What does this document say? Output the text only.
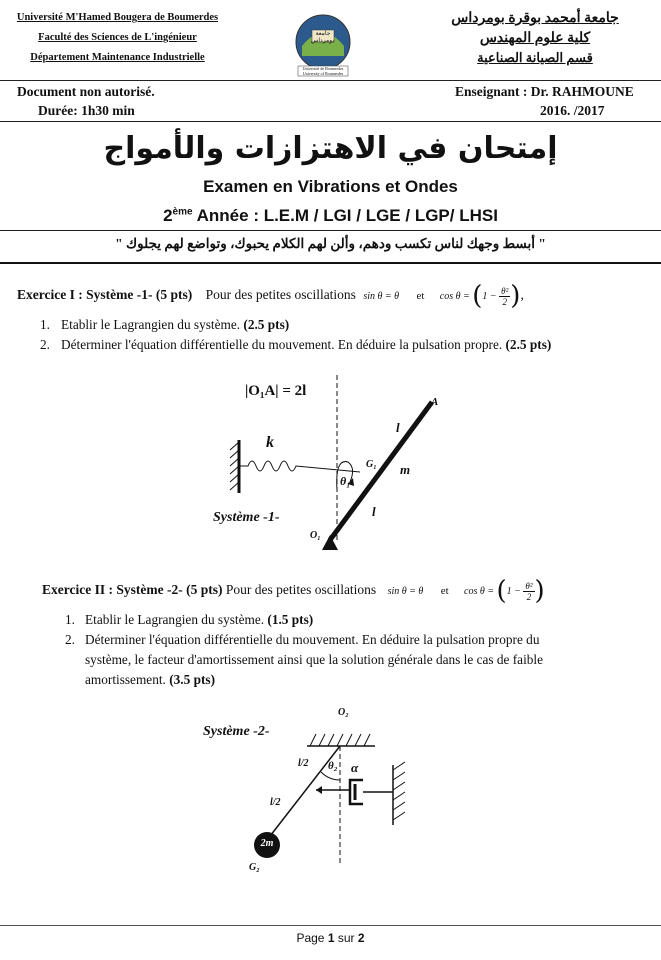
Université M'Hamed Bougera de Boumerdes
Faculté des Sciences de L'ingénieur
Département Maintenance Industrielle
جامعة بومرداس
Université de Boumerdes
University of Boumerdes
جامعة أمحمد بوقرة بومرداس
كلية علوم المهندس
قسم الصيانة الصناعية
Document non autorisé.
Durée: 1h30 min
Enseignant : Dr. RAHMOUNE
2016. /2017
إمتحان في الاهتزازات والأمواج
Examen en Vibrations et Ondes
2ème Année : L.E.M / LGI / LGE / LGP/ LHSI
" أبسط وجهك لناس تكسب ودهم، وألن لهم الكلام يحبوك، وتواضع لهم يجلوك "
Exercice I : Système -1- (5 pts) Pour des petites oscillations sin θ = θ et $\cos \theta = (1 - \frac{\text{θ²}}{2}$ ),
1. Etablir le Lagrangien du système. (2.5 pts)
2. Déterminer l'équation différentielle du mouvement. En déduire la pulsation propre. (2.5 pts)
|O₁A| = 2l
k
l
l
A
G₁ m
θ₁
O₁
Système -1-
Exercice II : Système -2- (5 pts) Pour des petites oscillations sin θ = θ et $\cos \theta = (1 - \frac{\text{θ²}}{2}$ )
1. Etablir le Lagrangien du système. (1.5 pts)
2. Déterminer l'équation différentielle du mouvement. En déduire la pulsation propre du
système, le facteur d'amortissement ainsi que la solution générale dans le cas de faible
amortissement. (3.5 pts)
Système -2-
O₂
l/2
l/2
θ₂ α
2m
G₂
Page 1 sur 2
